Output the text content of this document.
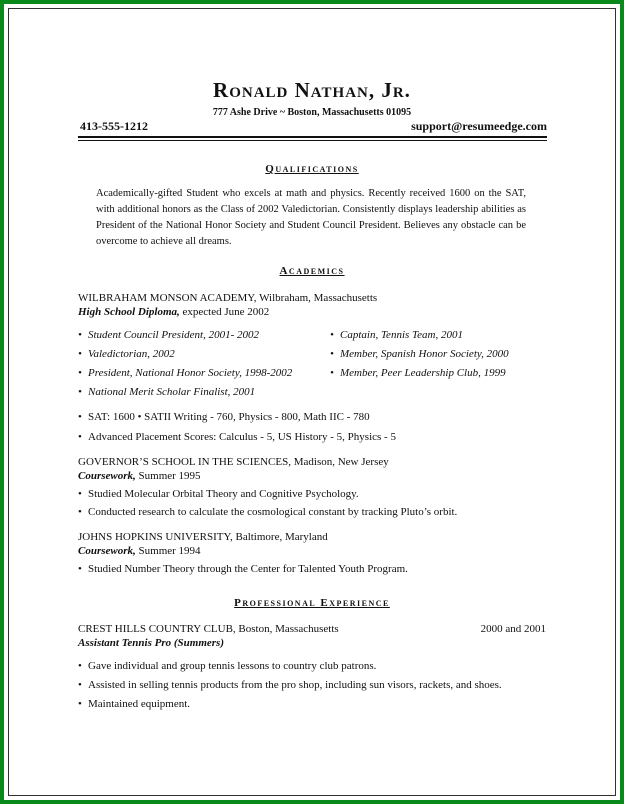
Ronald Nathan, Jr.
777 Ashe Drive ~ Boston, Massachusetts 01095
413-555-1212	support@resumeedge.com
Qualifications
Academically-gifted Student who excels at math and physics. Recently received 1600 on the SAT, with additional honors as the Class of 2002 Valedictorian. Consistently displays leadership abilities as President of the National Honor Society and Student Council President. Believes any obstacle can be overcome to achieve all dreams.
Academics
WILBRAHAM MONSON ACADEMY, Wilbraham, Massachusetts
High School Diploma, expected June 2002
• Student Council President, 2001- 2002
• Valedictorian, 2002
• President, National Honor Society, 1998-2002
• National Merit Scholar Finalist, 2001
• Captain, Tennis Team, 2001
• Member, Spanish Honor Society, 2000
• Member, Peer Leadership Club, 1999
• SAT: 1600 • SATII Writing - 760, Physics - 800, Math IIC - 780
• Advanced Placement Scores: Calculus - 5, US History - 5, Physics - 5
GOVERNOR’S SCHOOL IN THE SCIENCES, Madison, New Jersey
Coursework, Summer 1995
• Studied Molecular Orbital Theory and Cognitive Psychology.
• Conducted research to calculate the cosmological constant by tracking Pluto’s orbit.
JOHNS HOPKINS UNIVERSITY, Baltimore, Maryland
Coursework, Summer 1994
• Studied Number Theory through the Center for Talented Youth Program.
Professional Experience
CREST HILLS COUNTRY CLUB, Boston, Massachusetts	2000 and 2001
Assistant Tennis Pro (Summers)
• Gave individual and group tennis lessons to country club patrons.
• Assisted in selling tennis products from the pro shop, including sun visors, rackets, and shoes.
• Maintained equipment.
